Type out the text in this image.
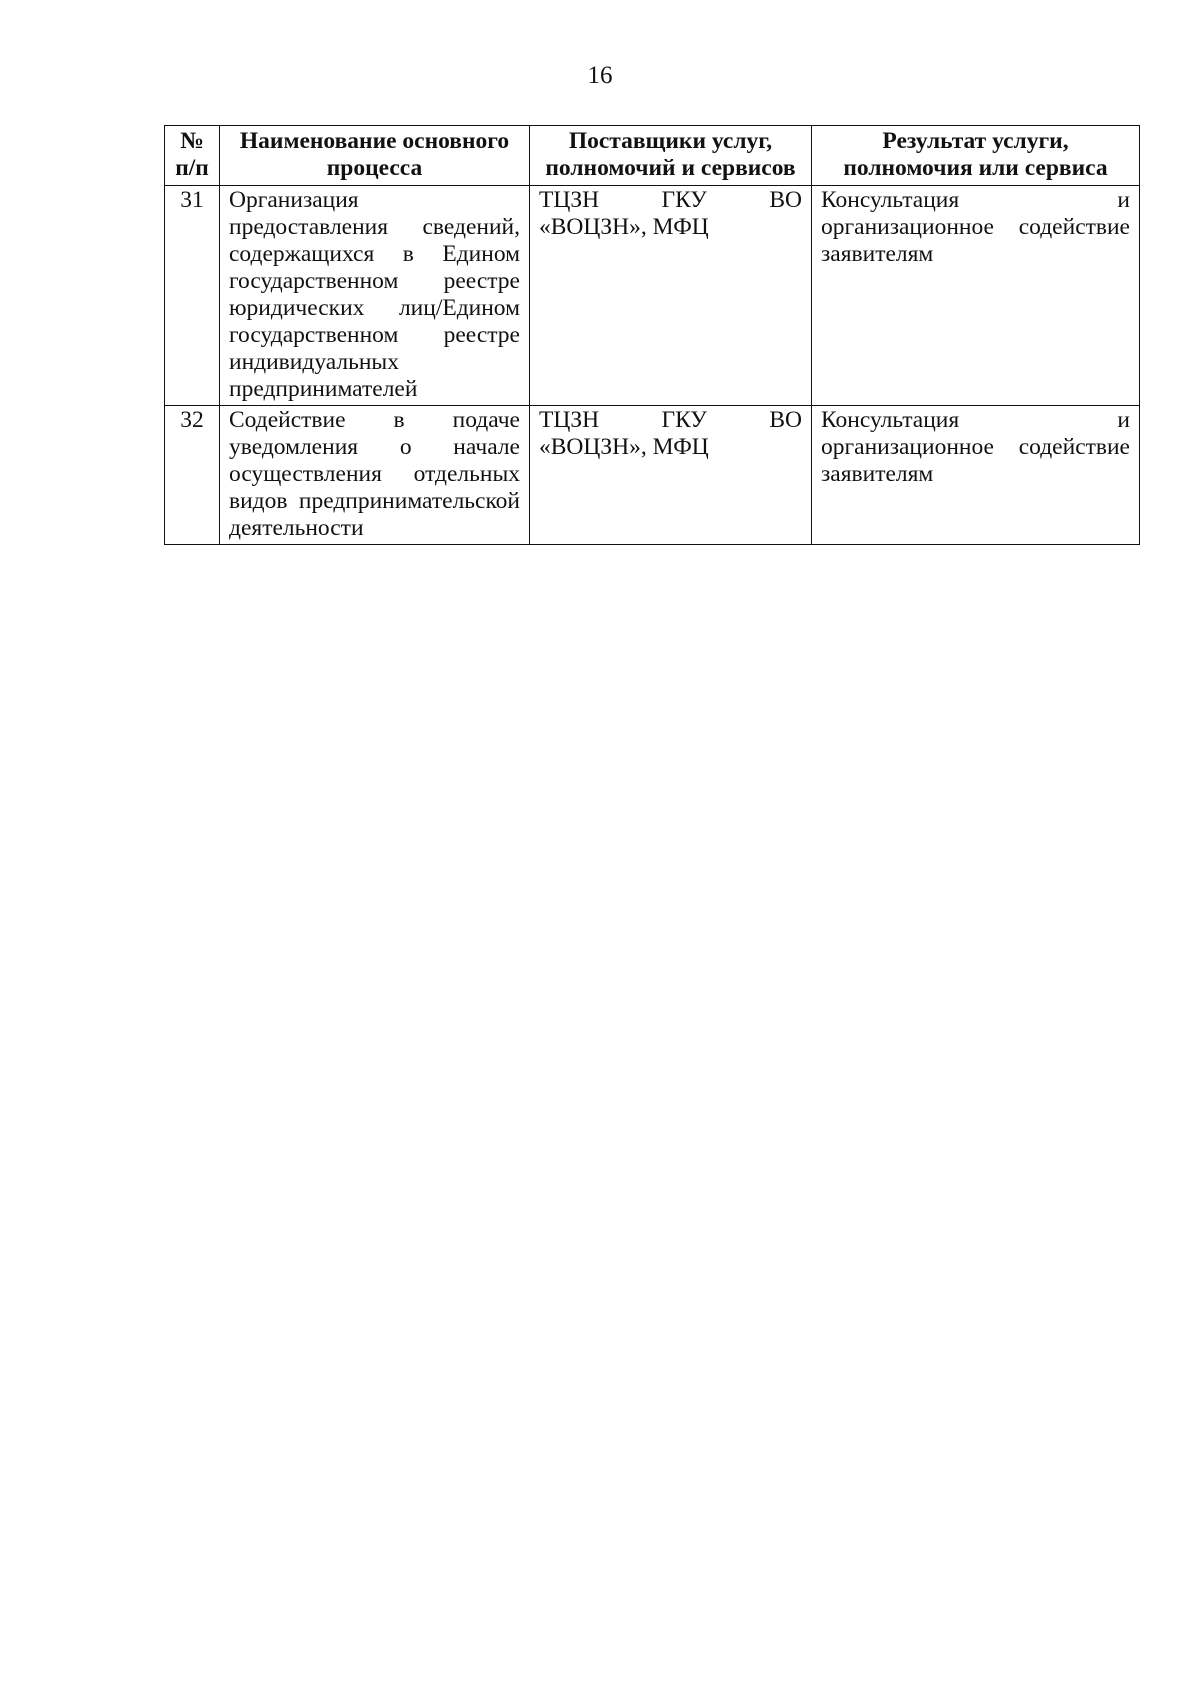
16
№ п/п	Наименование основного процесса	Поставщики услуг, полномочий и сервисов	Результат услуги, полномочия или сервиса
31	Организация предоставления сведений, содержащихся в Едином государственном реестре юридических лиц/Едином государственном реестре индивидуальных предпринимателей	ТЦЗН ГКУ ВО «ВОЦЗН», МФЦ	Консультация и организационное содействие заявителям
32	Содействие в подаче уведомления о начале осуществления отдельных видов предпринимательской деятельности	ТЦЗН ГКУ ВО «ВОЦЗН», МФЦ	Консультация и организационное содействие заявителям
